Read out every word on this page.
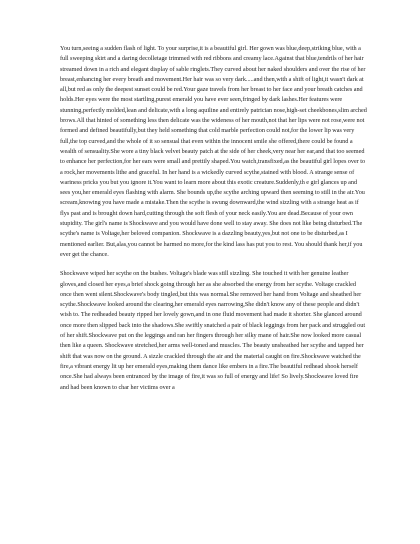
You turn,seeing a sudden flash of light. To your surprise,it is a beautiful girl. Her gown was blue,deep,striking blue, with a full sweeping skirt and a daring decolletage trimmed with red ribbons and creamy lace.Against that blue,tendrils of her hair streamed down in a rich and elegant display of sable ringlets.They curved about her naked shoulders and over the rise of her breast,enhancing her every breath and movement.Her hair was so very dark.....and then,with a shift of light,it wasn't dark at all,but red as only the deepest sunset could be red.Your gaze travels from her breast to her face and your breath catches and holds.Her eyes were the most startling,purest emerald you have ever seen,fringed by dark lashes.Her features were stunning,perfectly molded,lean and delicate,with a long aquiline and entirely patrician nose,high-set cheekbones,slim arched brows.All that hinted of something less then delicate was the wideness of her mouth,not that her lips were not rose,were not formed and defined beautifully,but they held something that cold marble perfection could not,for the lower lip was very full,the top curved,and the whole of it so sensual that even within the innocent smile she offered,there could be found a wealth of sensuality.She wore a tiny black velvet beauty patch at the side of her cheek,very near her ear,and that too seemed to enhance her perfection,for her ears were small and prettily shaped.You watch,transfixed,as the beautiful girl lopes over to a rock,her movements lithe and graceful. In her hand is a wickedly curved scythe,stained with blood. A strange sense of wariness pricks you but you ignore it.You want to learn more about this exotic creature.Suddenly,th e girl glances up and sees you,her emerald eyes flashing with alarm. She bounds up,the scythe arching upward then seeming to still in the air.You scream,knowing you have made a mistake.Then the scythe is swung downward,the wind sizzling with a strange heat as if flys past and is brought down hard,cutting through the soft flesh of your neck easily.You are dead.Because of your own stupidity. The girl's name is Shockwave and you would have done well to stay away. She does not like being disturbed.The scythe's name is Voltage,her beloved companion. Shockwave is a dazzling beauty,yes,but not one to be disturbed,as I mentioned earlier. But,alas,you cannot be harmed no more,for the kind lass has put you to rest. You should thank her,if you ever get the chance.

Shockwave wiped her scythe on the bushes. Voltage's blade was still sizzling. She touched it with her genuine leather gloves,and closed her eyes,a brief shock going through her as she absorbed the energy from her scythe. Voltage crackled once then went silent.Shockwave's body tingled,but this was normal.She removed her hand from Voltage and sheathed her scythe.Shockwave looked around the clearing,her emerald eyes narrowing,She didn't know any of these people and didn't wish to. The redheaded beauty ripped her lovely gown,and in one fluid movement had made it shorter. She glanced around once more then slipped back into the shadows.She swiftly snatched a pair of black leggings from her pack and struggled out of her shift.Shockwave put on the leggings and ran her fingers through her silky mane of hair.She now looked more casual then like a queen. Shockwave stretched,her arms well-toned and muscles. The beauty unsheathed her scythe and tapped her shift that was now on the ground. A sizzle crackled through the air and the material caught on fire.Shockwave watched the fire,a vibrant energy lit up her emerald eyes,making them dance like embers in a fire.The beautiful redhead shook herself once.She had always been entranced by the image of fire,it was so full of energy and life! So lively.Shockwave loved fire and had been known to char her victims over a
